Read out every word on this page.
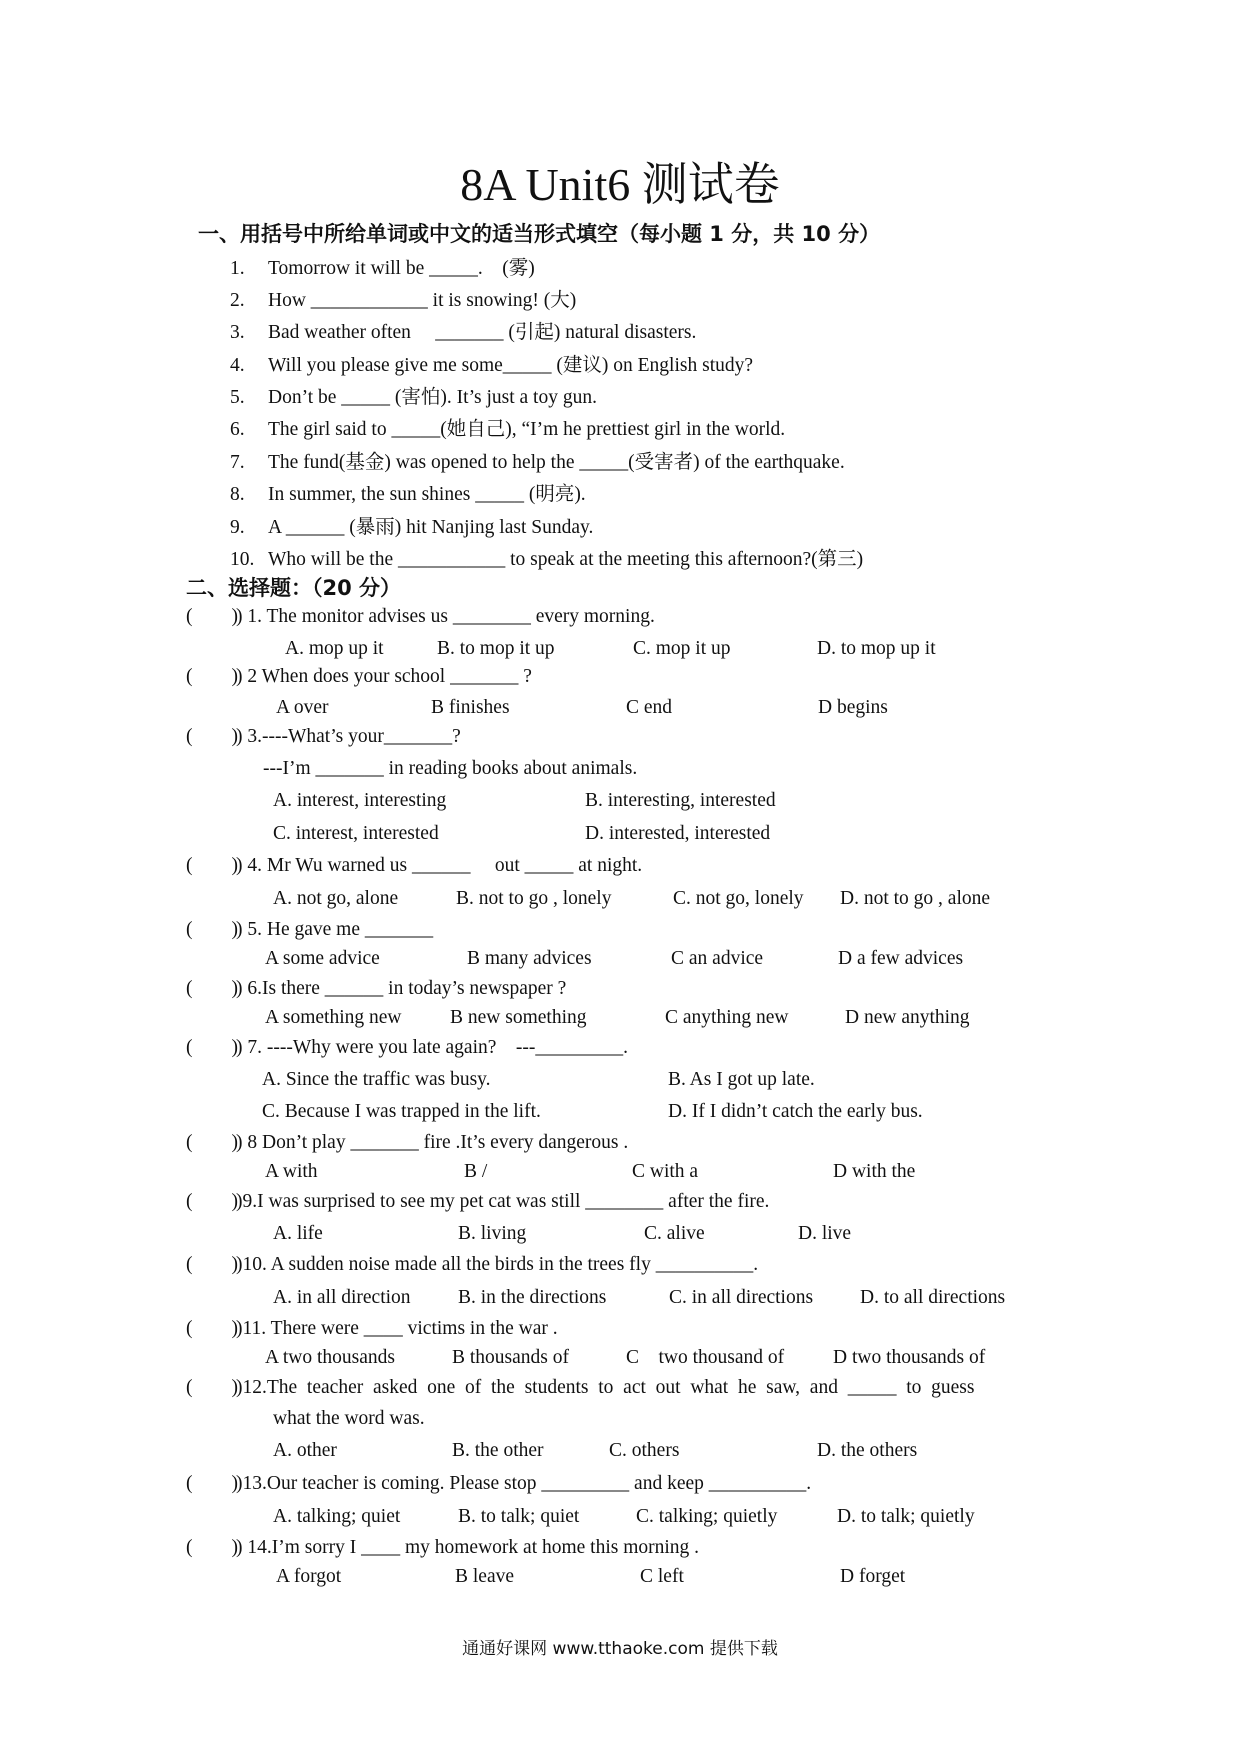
8A Unit6 测试卷
一、用括号中所给单词或中文的适当形式填空（每小题 1 分，共 10 分）
1. Tomorrow it will be _____.    (雾)
2. How ____________ it is snowing! (大)
3. Bad weather often     _______ (引起) natural disasters.
4. Will you please give me some_____ (建议) on English study?
5. Don’t be _____ (害怕). It’s just a toy gun.
6. The girl said to _____(她自己), “I’m he prettiest girl in the world.
7. The fund(基金) was opened to help the _____(受害者) of the earthquake.
8. In summer, the sun shines _____ (明亮).
9. A ______ (暴雨) hit Nanjing last Sunday.
10. Who will be the ___________ to speak at the meeting this afternoon?(第三)
二、选择题：（20 分）
(        )
) 1. The monitor advises us ________ every morning.
A. mop up it	B. to mop it up	C. mop it up	D. to mop up it
(        )
) 2 When does your school _______ ?
A over	B finishes	C end	D begins
(        )
) 3.----What’s your_______?
---I’m _______ in reading books about animals.
A. interest, interesting	B. interesting, interested
C. interest, interested	D. interested, interested
(        )
) 4. Mr Wu warned us ______     out _____ at night.
A. not go, alone	B. not to go , lonely	C. not go, lonely D. not to go , alone
(        )
) 5. He gave me _______
A some advice	B many advices	C an advice	D a few advices
(        )
) 6.Is there ______ in today’s newspaper ?
A something new B new something	C anything new	D new anything
(        )
) 7. ----Why were you late again?    ---_________.
A. Since the traffic was busy.	B. As I got up late.
C. Because I was trapped in the lift.	D. If I didn’t catch the early bus.
(        )
) 8 Don’t play _______ fire .It’s every dangerous .
A with	B /	C with a	D with the
(        )
)9.I was surprised to see my pet cat was still ________ after the fire.
A. life	B. living	C. alive	D. live
(        )
)10. A sudden noise made all the birds in the trees fly __________.
A. in all direction B. in the directions	C. in all directions D. to all directions
(        )
)11. There were ____ victims in the war .
A two thousands	B thousands of	C    two thousand of	D two thousands of
(        )
)12.The  teacher  asked  one  of  the  students  to  act  out  what  he  saw,  and  _____  to  guess
what the word was.
A. other	B. the other	C. others	D. the others
(        )
)13.Our teacher is coming. Please stop _________ and keep __________.
A. talking; quiet	B. to talk; quiet	C. talking; quietly	D. to talk; quietly
(        )
) 14.I’m sorry I ____ my homework at home this morning .
A forgot	B leave	C left	D forget
通通好课网 www.tthaoke.com 提供下载
